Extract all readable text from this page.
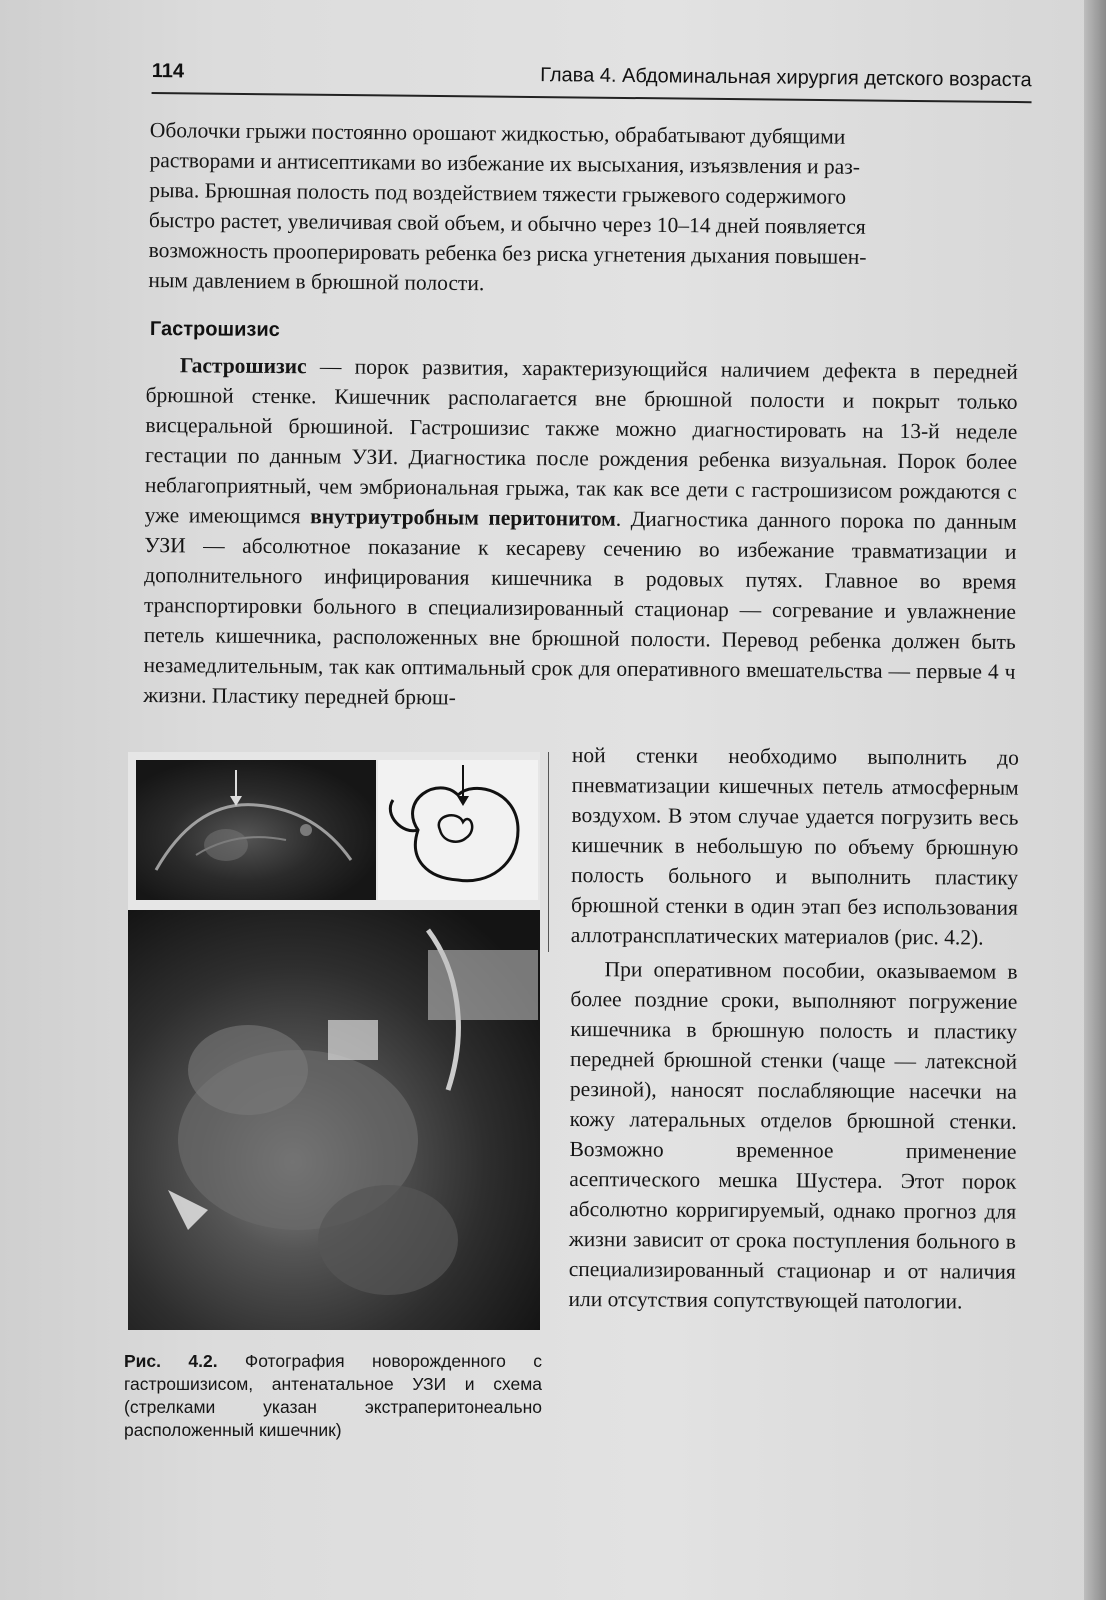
114	Глава 4. Абдоминальная хирургия детского возраста

Оболочки грыжи постоянно орошают жидкостью, обрабатывают дубящими

растворами и антисептиками во избежание их высыхания, изъязвления и раз-

рыва. Брюшная полость под воздействием тяжести грыжевого содержимого

быстро растет, увеличивая свой объем, и обычно через 10–14 дней появляется

возможность прооперировать ребенка без риска угнетения дыхания повышен-

ным давлением в брюшной полости.

Гастрошизис

Гастрошизис — порок развития, характеризующийся наличием дефекта в передней брюшной стенке. Кишечник располагается вне брюшной полости и покрыт только висцеральной брюшиной. Гастрошизис также можно диагностировать на 13-й неделе гестации по данным УЗИ. Диагностика после рождения ребенка визуальная. Порок более неблагоприятный, чем эмбриональная грыжа, так как все дети с гастрошизисом рождаются с уже имеющимся внутриутробным перитонитом. Диагностика данного порока по данным УЗИ — абсолютное показание к кесареву сечению во избежание травматизации и дополнительного инфицирования кишечника в родовых путях. Главное во время транспортировки больного в специализированный стационар — согревание и увлажнение петель кишечника, расположенных вне брюшной полости. Перевод ребенка должен быть незамедлительным, так как оптимальный срок для оперативного вмешательства — первые 4 ч жизни. Пластику передней брюш-

ной стенки необходимо выполнить до пневматизации кишечных петель атмосферным воздухом. В этом случае удается погрузить весь кишечник в небольшую по объему брюшную полость больного и выполнить пластику брюшной стенки в один этап без использования аллотрансплатических материалов (рис. 4.2).

При оперативном пособии, оказываемом в более поздние сроки, выполняют погружение кишечника в брюшную полость и пластику передней брюшной стенки (чаще — латексной резиной), наносят послабляющие насечки на кожу латеральных отделов брюшной стенки. Возможно временное применение асептического мешка Шустера. Этот порок абсолютно корригируемый, однако прогноз для жизни зависит от срока поступления больного в специализированный стационар и от наличия или отсутствия сопутствующей патологии.

Рис. 4.2. Фотография новорожденного с гастрошизисом, антенатальное УЗИ и схема (стрелками указан экстраперитонеально расположенный кишечник)
